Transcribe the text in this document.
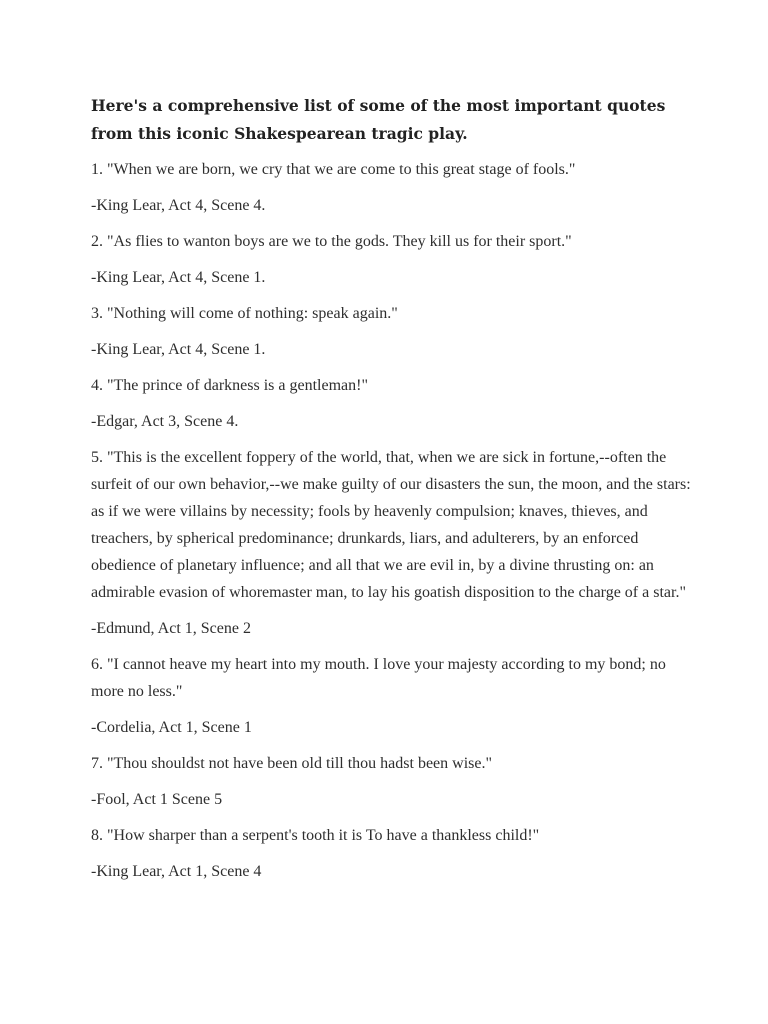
Here's a comprehensive list of some of the most important quotes from this iconic Shakespearean tragic play.

1. "When we are born, we cry that we are come to this great stage of fools."

-King Lear, Act 4, Scene 4.

2. "As flies to wanton boys are we to the gods. They kill us for their sport."

-King Lear, Act 4, Scene 1.

3. "Nothing will come of nothing: speak again."

-King Lear, Act 4, Scene 1.

4. "The prince of darkness is a gentleman!"

-Edgar, Act 3, Scene 4.

5. "This is the excellent foppery of the world, that, when we are sick in fortune,--often the surfeit of our own behavior,--we make guilty of our disasters the sun, the moon, and the stars: as if we were villains by necessity; fools by heavenly compulsion; knaves, thieves, and treachers, by spherical predominance; drunkards, liars, and adulterers, by an enforced obedience of planetary influence; and all that we are evil in, by a divine thrusting on: an admirable evasion of whoremaster man, to lay his goatish disposition to the charge of a star."

-Edmund, Act 1, Scene 2

6. "I cannot heave my heart into my mouth. I love your majesty according to my bond; no more no less."

-Cordelia, Act 1, Scene 1

7. "Thou shouldst not have been old till thou hadst been wise."

-Fool, Act 1 Scene 5

8. "How sharper than a serpent's tooth it is To have a thankless child!"

-King Lear, Act 1, Scene 4
